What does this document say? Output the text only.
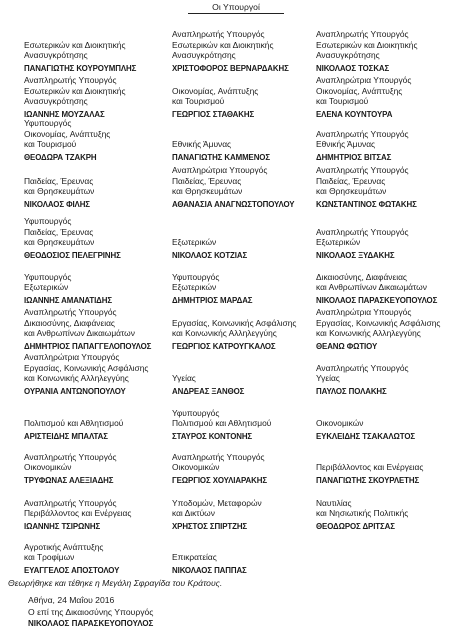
Οι Υπουργοί
Εσωτερικών και Διοικητικής
Ανασυγκρότησης
ΠΑΝΑΓΙΩΤΗΣ ΚΟΥΡΟΥΜΠΛΗΣ
Αναπληρωτής Υπουργός
Εσωτερικών και Διοικητικής
Ανασυγκρότησης
ΧΡΙΣΤΟΦΟΡΟΣ ΒΕΡΝΑΡΔΑΚΗΣ
Αναπληρωτής Υπουργός
Εσωτερικών και Διοικητικής
Ανασυγκρότησης
ΝΙΚΟΛΑΟΣ ΤΟΣΚΑΣ
Αναπληρωτής Υπουργός
Εσωτερικών και Διοικητικής
Ανασυγκρότησης
ΙΩΑΝΝΗΣ ΜΟΥΖΑΛΑΣ
Οικονομίας, Ανάπτυξης
και Τουρισμού
ΓΕΩΡΓΙΟΣ ΣΤΑΘΑΚΗΣ
Αναπληρώτρια Υπουργός
Οικονομίας, Ανάπτυξης
και Τουρισμού
ΕΛΕΝΑ ΚΟΥΝΤΟΥΡΑ
Υφυπουργός
Οικονομίας, Ανάπτυξης
και Τουρισμού
ΘΕΟΔΩΡΑ ΤΖΑΚΡΗ
Εθνικής Άμυνας
ΠΑΝΑΓΙΩΤΗΣ ΚΑΜΜΕΝΟΣ
Αναπληρωτής Υπουργός
Εθνικής Άμυνας
ΔΗΜΗΤΡΙΟΣ ΒΙΤΣΑΣ
Παιδείας, Έρευνας
και Θρησκευμάτων
ΝΙΚΟΛΑΟΣ ΦΙΛΗΣ
Αναπληρώτρια Υπουργός
Παιδείας, Έρευνας
και Θρησκευμάτων
ΑΘΑΝΑΣΙΑ ΑΝΑΓΝΩΣΤΟΠΟΥΛΟΥ
Αναπληρωτής Υπουργός
Παιδείας, Έρευνας
και Θρησκευμάτων
ΚΩΝΣΤΑΝΤΙΝΟΣ ΦΩΤΑΚΗΣ
Υφυπουργός
Παιδείας, Έρευνας
και Θρησκευμάτων
ΘΕΟΔΟΣΙΟΣ ΠΕΛΕΓΡΙΝΗΣ
Εξωτερικών
ΝΙΚΟΛΑΟΣ ΚΟΤΖΙΑΣ
Αναπληρωτής Υπουργός
Εξωτερικών
ΝΙΚΟΛΑΟΣ ΞΥΔΑΚΗΣ
Υφυπουργός
Εξωτερικών
ΙΩΑΝΝΗΣ ΑΜΑΝΑΤΙΔΗΣ
Υφυπουργός
Εξωτερικών
ΔΗΜΗΤΡΙΟΣ ΜΑΡΔΑΣ
Δικαιοσύνης, Διαφάνειας
και Ανθρωπίνων Δικαιωμάτων
ΝΙΚΟΛΑΟΣ ΠΑΡΑΣΚΕΥΟΠΟΥΛΟΣ
Αναπληρωτής Υπουργός
Δικαιοσύνης, Διαφάνειας
και Ανθρωπίνων Δικαιωμάτων
ΔΗΜΗΤΡΙΟΣ ΠΑΠΑΓΓΕΛΟΠΟΥΛΟΣ
Εργασίας, Κοινωνικής Ασφάλισης
και Κοινωνικής Αλληλεγγύης
ΓΕΩΡΓΙΟΣ ΚΑΤΡΟΥΓΚΑΛΟΣ
Αναπληρώτρια Υπουργός
Εργασίας, Κοινωνικής Ασφάλισης
και Κοινωνικής Αλληλεγγύης
ΘΕΑΝΩ ΦΩΤΙΟΥ
Αναπληρώτρια Υπουργός
Εργασίας, Κοινωνικής Ασφάλισης
και Κοινωνικής Αλληλεγγύης
ΟΥΡΑΝΙΑ ΑΝΤΩΝΟΠΟΥΛΟΥ
Υγείας
ΑΝΔΡΕΑΣ ΞΑΝΘΟΣ
Αναπληρωτής Υπουργός
Υγείας
ΠΑΥΛΟΣ ΠΟΛΑΚΗΣ
Πολιτισμού και Αθλητισμού
ΑΡΙΣΤΕΙΔΗΣ ΜΠΑΛΤΑΣ
Υφυπουργός
Πολιτισμού και Αθλητισμού
ΣΤΑΥΡΟΣ ΚΟΝΤΟΝΗΣ
Οικονομικών
ΕΥΚΛΕΙΔΗΣ ΤΣΑΚΑΛΩΤΟΣ
Αναπληρωτής Υπουργός
Οικονομικών
ΤΡΥΦΩΝΑΣ ΑΛΕΞΙΑΔΗΣ
Αναπληρωτής Υπουργός
Οικονομικών
ΓΕΩΡΓΙΟΣ ΧΟΥΛΙΑΡΑΚΗΣ
Περιβάλλοντος και Ενέργειας
ΠΑΝΑΓΙΩΤΗΣ ΣΚΟΥΡΛΕΤΗΣ
Αναπληρωτής Υπουργός
Περιβάλλοντος και Ενέργειας
ΙΩΑΝΝΗΣ ΤΣΙΡΩΝΗΣ
Υποδομών, Μεταφορών
και Δικτύων
ΧΡΗΣΤΟΣ ΣΠΙΡΤΖΗΣ
Ναυτιλίας
και Νησιωτικής Πολιτικής
ΘΕΟΔΩΡΟΣ ΔΡΙΤΣΑΣ
Αγροτικής Ανάπτυξης
και Τροφίμων
ΕΥΑΓΓΕΛΟΣ ΑΠΟΣΤΟΛΟΥ
Επικρατείας
ΝΙΚΟΛΑΟΣ ΠΑΠΠΑΣ
Θεωρήθηκε και τέθηκε η Μεγάλη Σφραγίδα του Κράτους.
Αθήνα, 24 Μαΐου 2016
Ο επί της Δικαιοσύνης Υπουργός
ΝΙΚΟΛΑΟΣ ΠΑΡΑΣΚΕΥΟΠΟΥΛΟΣ
